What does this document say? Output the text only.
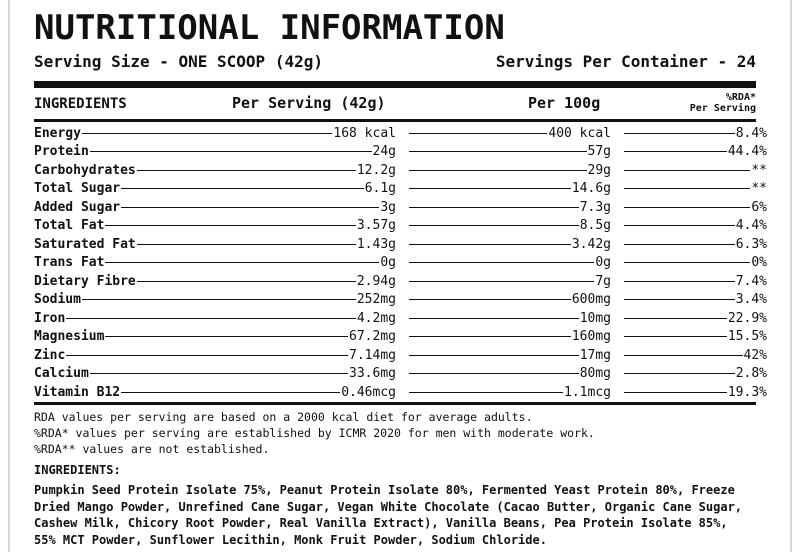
NUTRITIONAL INFORMATION
Serving Size - ONE SCOOP (42g)	Servings Per Container - 24
INGREDIENTS	Per Serving (42g)	Per 100g	%RDA*
Per Serving
Energy	168 kcal	400 kcal	8.4%
Protein	24g	57g	44.4%
Carbohydrates	12.2g	29g	**
Total Sugar	6.1g	14.6g	**
Added Sugar	3g	7.3g	6%
Total Fat	3.57g	8.5g	4.4%
Saturated Fat	1.43g	3.42g	6.3%
Trans Fat	0g	0g	0%
Dietary Fibre	2.94g	7g	7.4%
Sodium	252mg	600mg	3.4%
Iron	4.2mg	10mg	22.9%
Magnesium	67.2mg	160mg	15.5%
Zinc	7.14mg	17mg	42%
Calcium	33.6mg	80mg	2.8%
Vitamin B12	0.46mcg	1.1mcg	19.3%
RDA values per serving are based on a 2000 kcal diet for average adults.
%RDA* values per serving are established by ICMR 2020 for men with moderate work.
%RDA** values are not established.
INGREDIENTS:
Pumpkin Seed Protein Isolate 75%, Peanut Protein Isolate 80%, Fermented Yeast Protein 80%, Freeze Dried Mango Powder, Unrefined Cane Sugar, Vegan White Chocolate (Cacao Butter, Organic Cane Sugar, Cashew Milk, Chicory Root Powder, Real Vanilla Extract), Vanilla Beans, Pea Protein Isolate 85%, 55% MCT Powder, Sunflower Lecithin, Monk Fruit Powder, Sodium Chloride.
